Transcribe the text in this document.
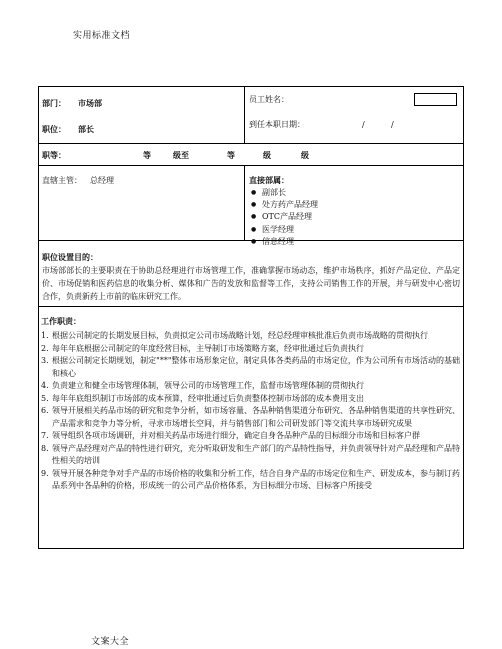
实用标准文档
部门： 市场部
职位： 部长
员工姓名：
到任本职日期：	/	/
职等：	等	级至	等	级	级
直辖主管： 总经理	直接部属：
● 副部长
● 处方药产品经理
● OTC产品经理
● 医学经理
● 信息经理
职位设置目的：

市场部部长的主要职责在于协助总经理进行市场管理工作，准确掌握市场动态，维护市场秩序，抓好产品定位、产品定价、市场促销和医药信息的收集分析、媒体和广告的发放和监督等工作，支持公司销售工作的开展，并与研发中心密切合作，负责新药上市前的临床研究工作。

工作职责：
1. 根据公司制定的长期发展目标，负责拟定公司市场战略计划，经总经理审核批准后负责市场战略的贯彻执行
2. 每年年底根据公司制定的年度经营目标，主导制订市场策略方案，经审批通过后负责执行
3. 根据公司制定长期规划，制定"**"整体市场形象定位，制定具体各类药品的市场定位，作为公司所有市场活动的基础和核心
4. 负责建立和健全市场管理体制，领导公司的市场管理工作，监督市场管理体制的贯彻执行
5. 每年年底组织制订市场部的成本预算，经审批通过后负责整体控制市场部的成本费用支出
6. 领导开展相关药品市场的研究和竞争分析，如市场容量、各品种销售渠道分布研究、各品种销售渠道的共享性研究、产品需求和竞争力等分析，寻求市场增长空间，并与销售部门和公司研发部门等交流共享市场研究成果
7. 领导组织各项市场调研，并对相关药品市场进行细分，确定自身各品种产品的目标细分市场和目标客户群
8. 领导产品经理对产品的特性进行研究，充分听取研发和生产部门的产品特性指导，并负责领导针对产品经理和产品特性相关的培训
9. 领导开展各种竞争对手产品的市场价格的收集和分析工作，结合自身产品的市场定位和生产、研发成本，参与制订药品系列中各品种的价格，形成统一的公司产品价格体系，为目标细分市场、目标客户所接受
文案大全
